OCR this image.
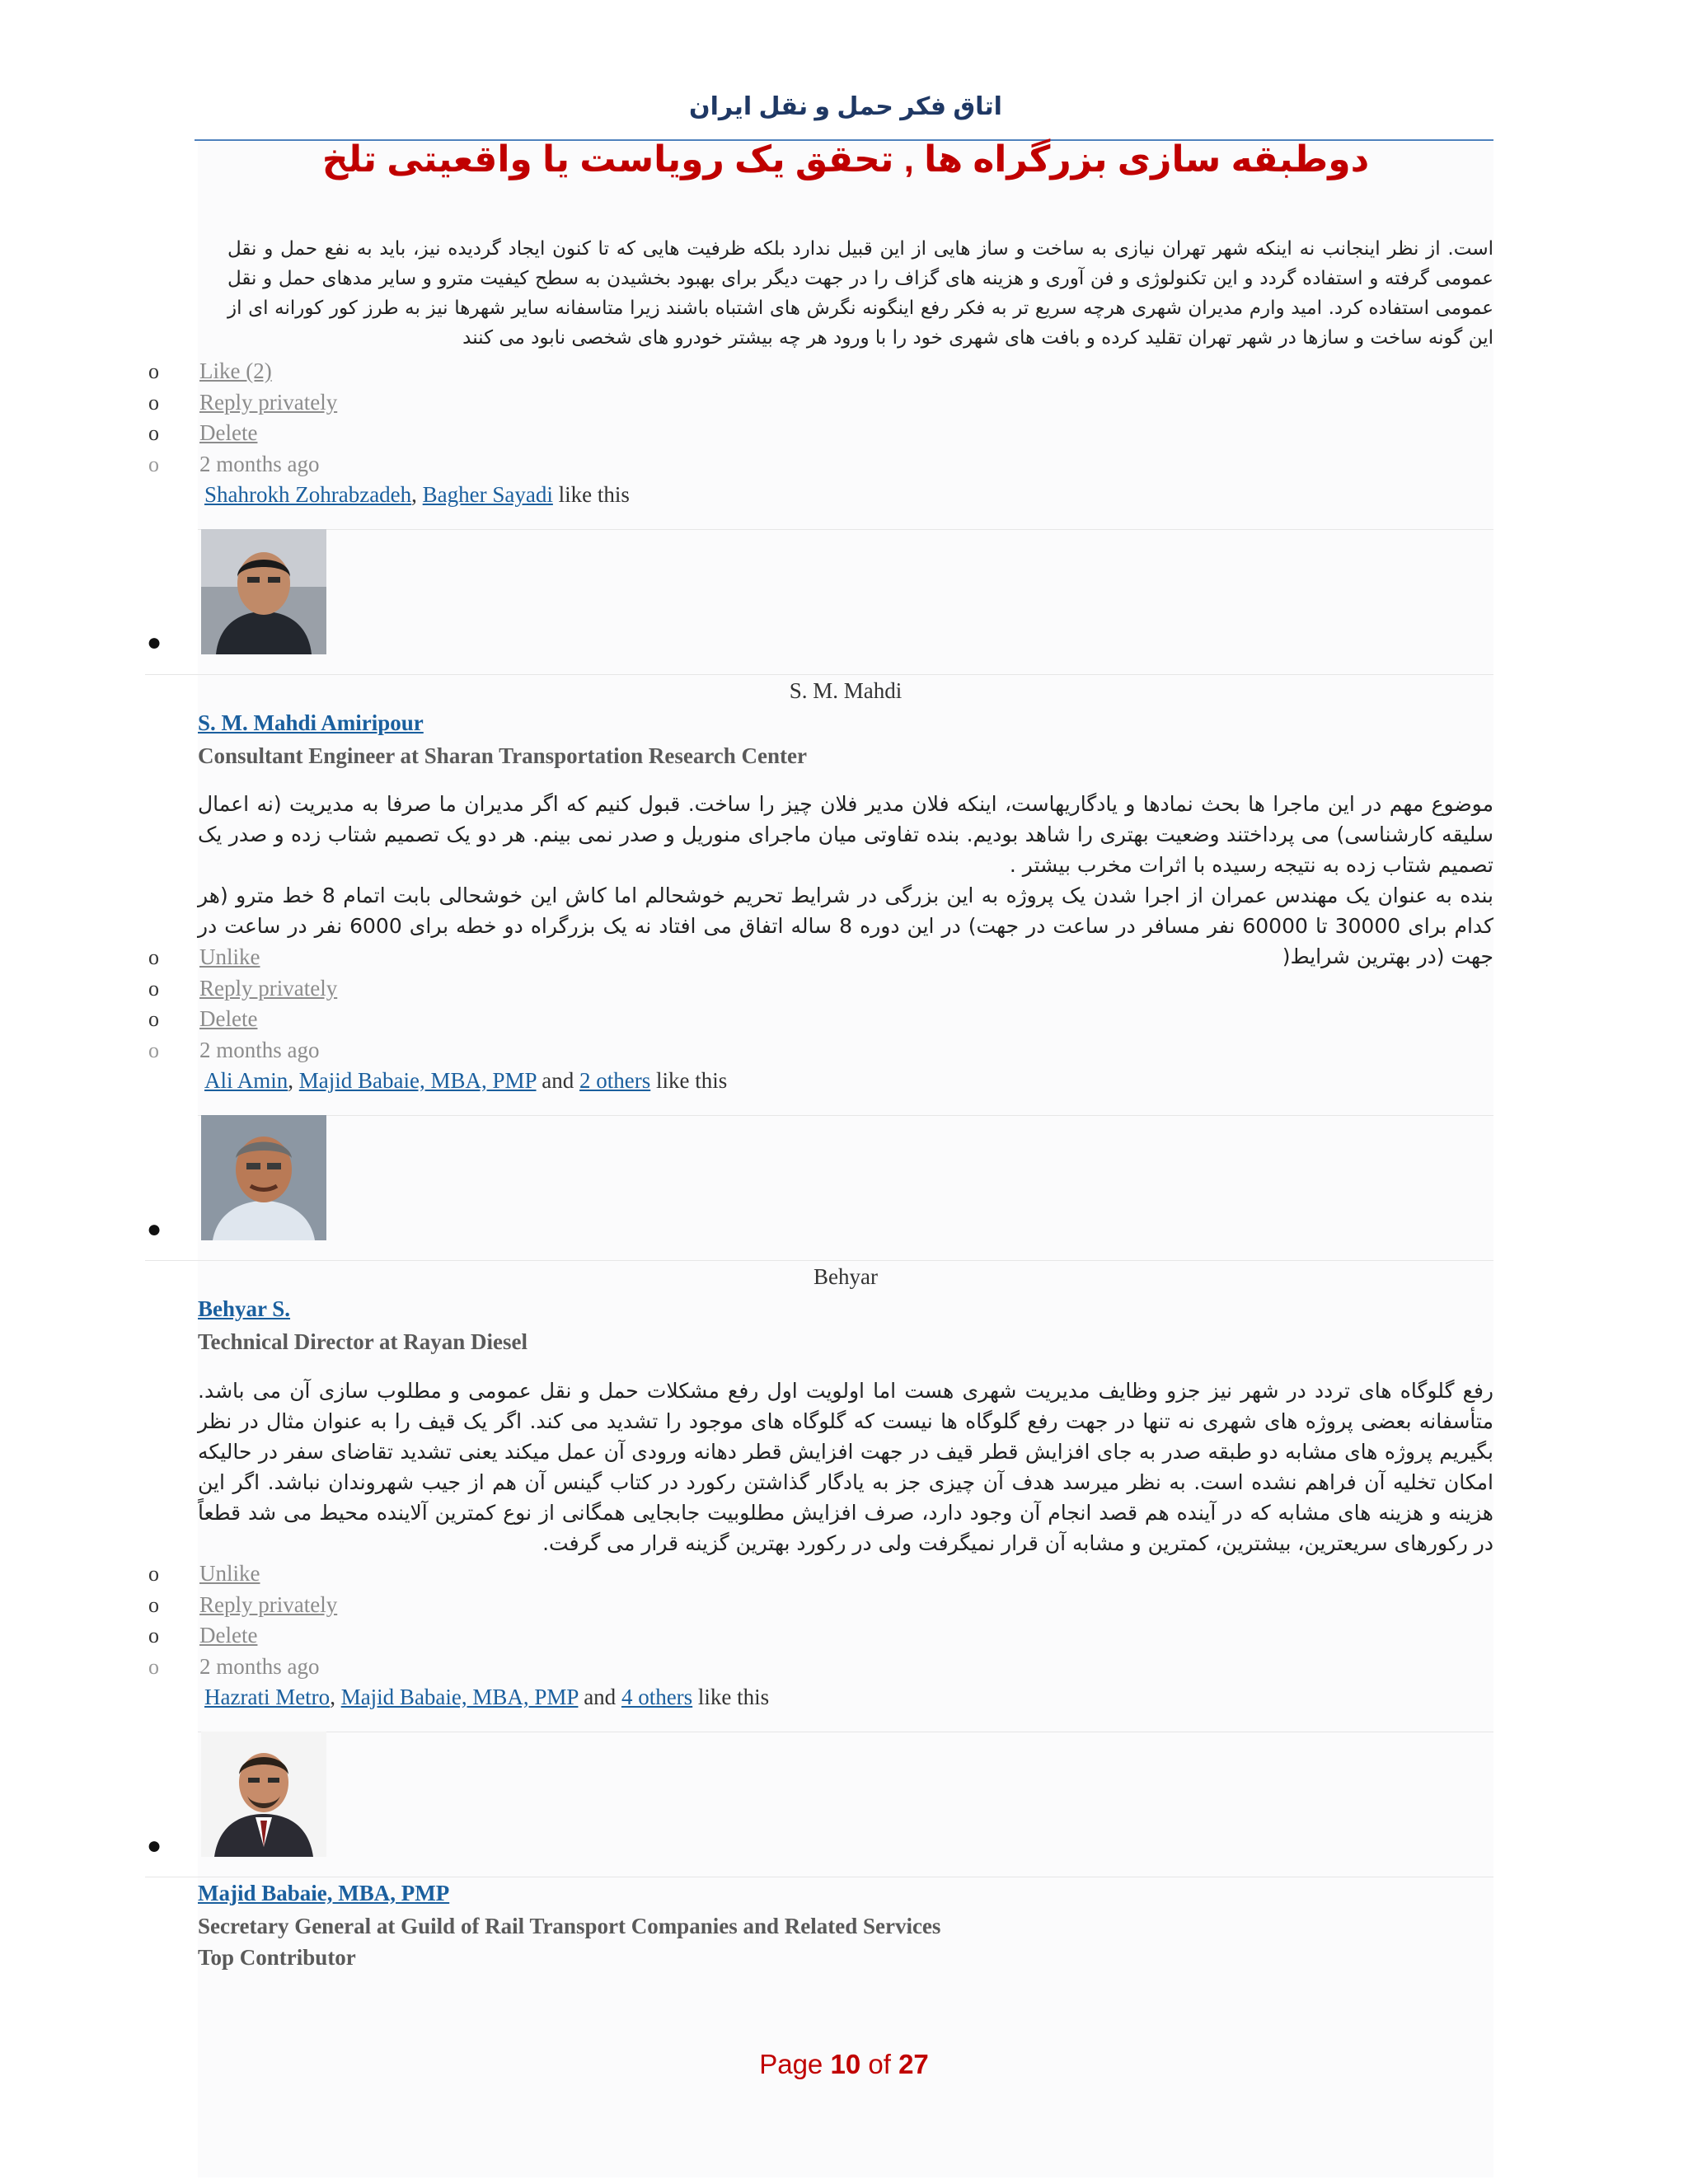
اتاق فکر حمل و نقل ایران
دوطبقه سازی بزرگراه ها , تحقق یک رویاست یا واقعیتی تلخ
است. از نظر اینجانب نه اینکه شهر تهران نیازی به ساخت و ساز هایی از این قبیل ندارد بلکه ظرفیت هایی که تا کنون ایجاد گردیده نیز، باید به نفع حمل و نقل عمومی گرفته و استفاده گردد و این تکنولوژی و فن آوری و هزینه های گزاف را در جهت دیگر برای بهبود بخشیدن به سطح کیفیت مترو و سایر مدهای حمل و نقل عمومی استفاده کرد. امید وارم مدیران شهری هرچه سریع تر به فکر رفع اینگونه نگرش های اشتباه باشند زیرا متاسفانه سایر شهرها نیز به طرز کور کورانه ای از این گونه ساخت و سازها در شهر تهران تقلید کرده و بافت های شهری خود را با ورود هر چه بیشتر خودرو های شخصی نابود می کنند
o Like (2)
o Reply privately
o Delete
o 2 months ago
Shahrokh Zohrabzadeh, Bagher Sayadi like this
●
S. M. Mahdi
S. M. Mahdi Amiripour
Consultant Engineer at Sharan Transportation Research Center

موضوع مهم در این ماجرا ها بحث نمادها و یادگاریهاست، اینکه فلان مدیر فلان چیز را ساخت. قبول کنیم که اگر مدیران ما صرفا به مدیریت (نه اعمال سلیقه کارشناسی) می پرداختند وضعیت بهتری را شاهد بودیم. بنده تفاوتی میان ماجرای منوریل و صدر نمی بینم. هر دو یک تصمیم شتاب زده و صدر یک تصمیم شتاب زده به نتیجه رسیده با اثرات مخرب بیشتر .

بنده به عنوان یک مهندس عمران از اجرا شدن یک پروژه به این بزرگی در شرایط تحریم خوشحالم اما کاش این خوشحالی بابت اتمام 8 خط مترو (هر کدام برای 30000 تا 60000 نفر مسافر در ساعت در جهت) در این دوره 8 ساله اتفاق می افتاد نه یک بزرگراه دو خطه برای 6000 نفر در ساعت در جهت (در بهترین شرایط(

o Unlike
o Reply privately
o Delete
o 2 months ago
Ali Amin, Majid Babaie, MBA, PMP and 2 others like this
●
Behyar
Behyar S.
Technical Director at Rayan Diesel

رفع گلوگاه های تردد در شهر نیز جزو وظایف مدیریت شهری هست اما اولویت اول رفع مشکلات حمل و نقل عمومی و مطلوب سازی آن می باشد. متأسفانه بعضی پروژه های شهری نه تنها در جهت رفع گلوگاه ها نیست که گلوگاه های موجود را تشدید می کند. اگر یک قیف را به عنوان مثال در نظر بگیریم پروژه های مشابه دو طبقه صدر به جای افزایش قطر قیف در جهت افزایش قطر دهانه ورودی آن عمل میکند یعنی تشدید تقاضای سفر در حالیکه امکان تخلیه آن فراهم نشده است. به نظر میرسد هدف آن چیزی جز به یادگار گذاشتن رکورد در کتاب گینس آن هم از جیب شهروندان نباشد. اگر این هزینه و هزینه های مشابه که در آینده هم قصد انجام آن وجود دارد، صرف افزایش مطلوبیت جابجایی همگانی از نوع کمترین آلاینده محیط می شد قطعاً در رکورهای سریعترین، بیشترین، کمترین و مشابه آن قرار نمیگرفت ولی در رکورد بهترین گزینه قرار می گرفت.

o Unlike
o Reply privately
o Delete
o 2 months ago
Hazrati Metro, Majid Babaie, MBA, PMP and 4 others like this
●
Majid Babaie, MBA, PMP
Secretary General at Guild of Rail Transport Companies and Related Services
Top Contributor
Page 10 of 27
